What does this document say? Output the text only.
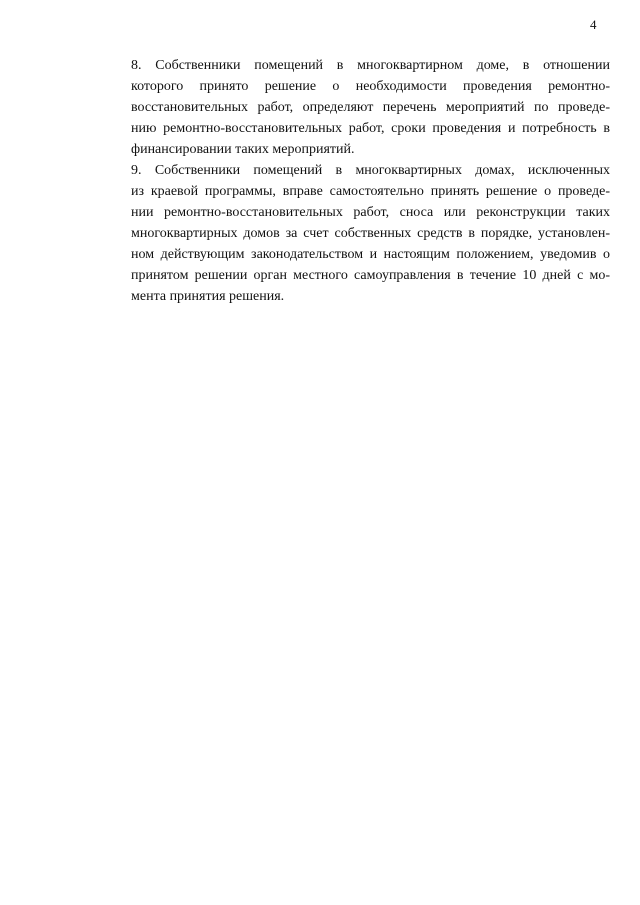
4

8. Собственники помещений в многоквартирном доме, в отношении
которого принято решение о необходимости проведения ремонтно-
восстановительных работ, определяют перечень мероприятий по проведе-
нию ремонтно-восстановительных работ, сроки проведения и потребность в
финансировании таких мероприятий.

9. Собственники помещений в многоквартирных домах, исключенных
из краевой программы, вправе самостоятельно принять решение о проведе-
нии ремонтно-восстановительных работ, сноса или реконструкции таких
многоквартирных домов за счет собственных средств в порядке, установлен-
ном действующим законодательством и настоящим положением, уведомив о
принятом решении орган местного самоуправления в течение 10 дней с мо-
мента принятия решения.
